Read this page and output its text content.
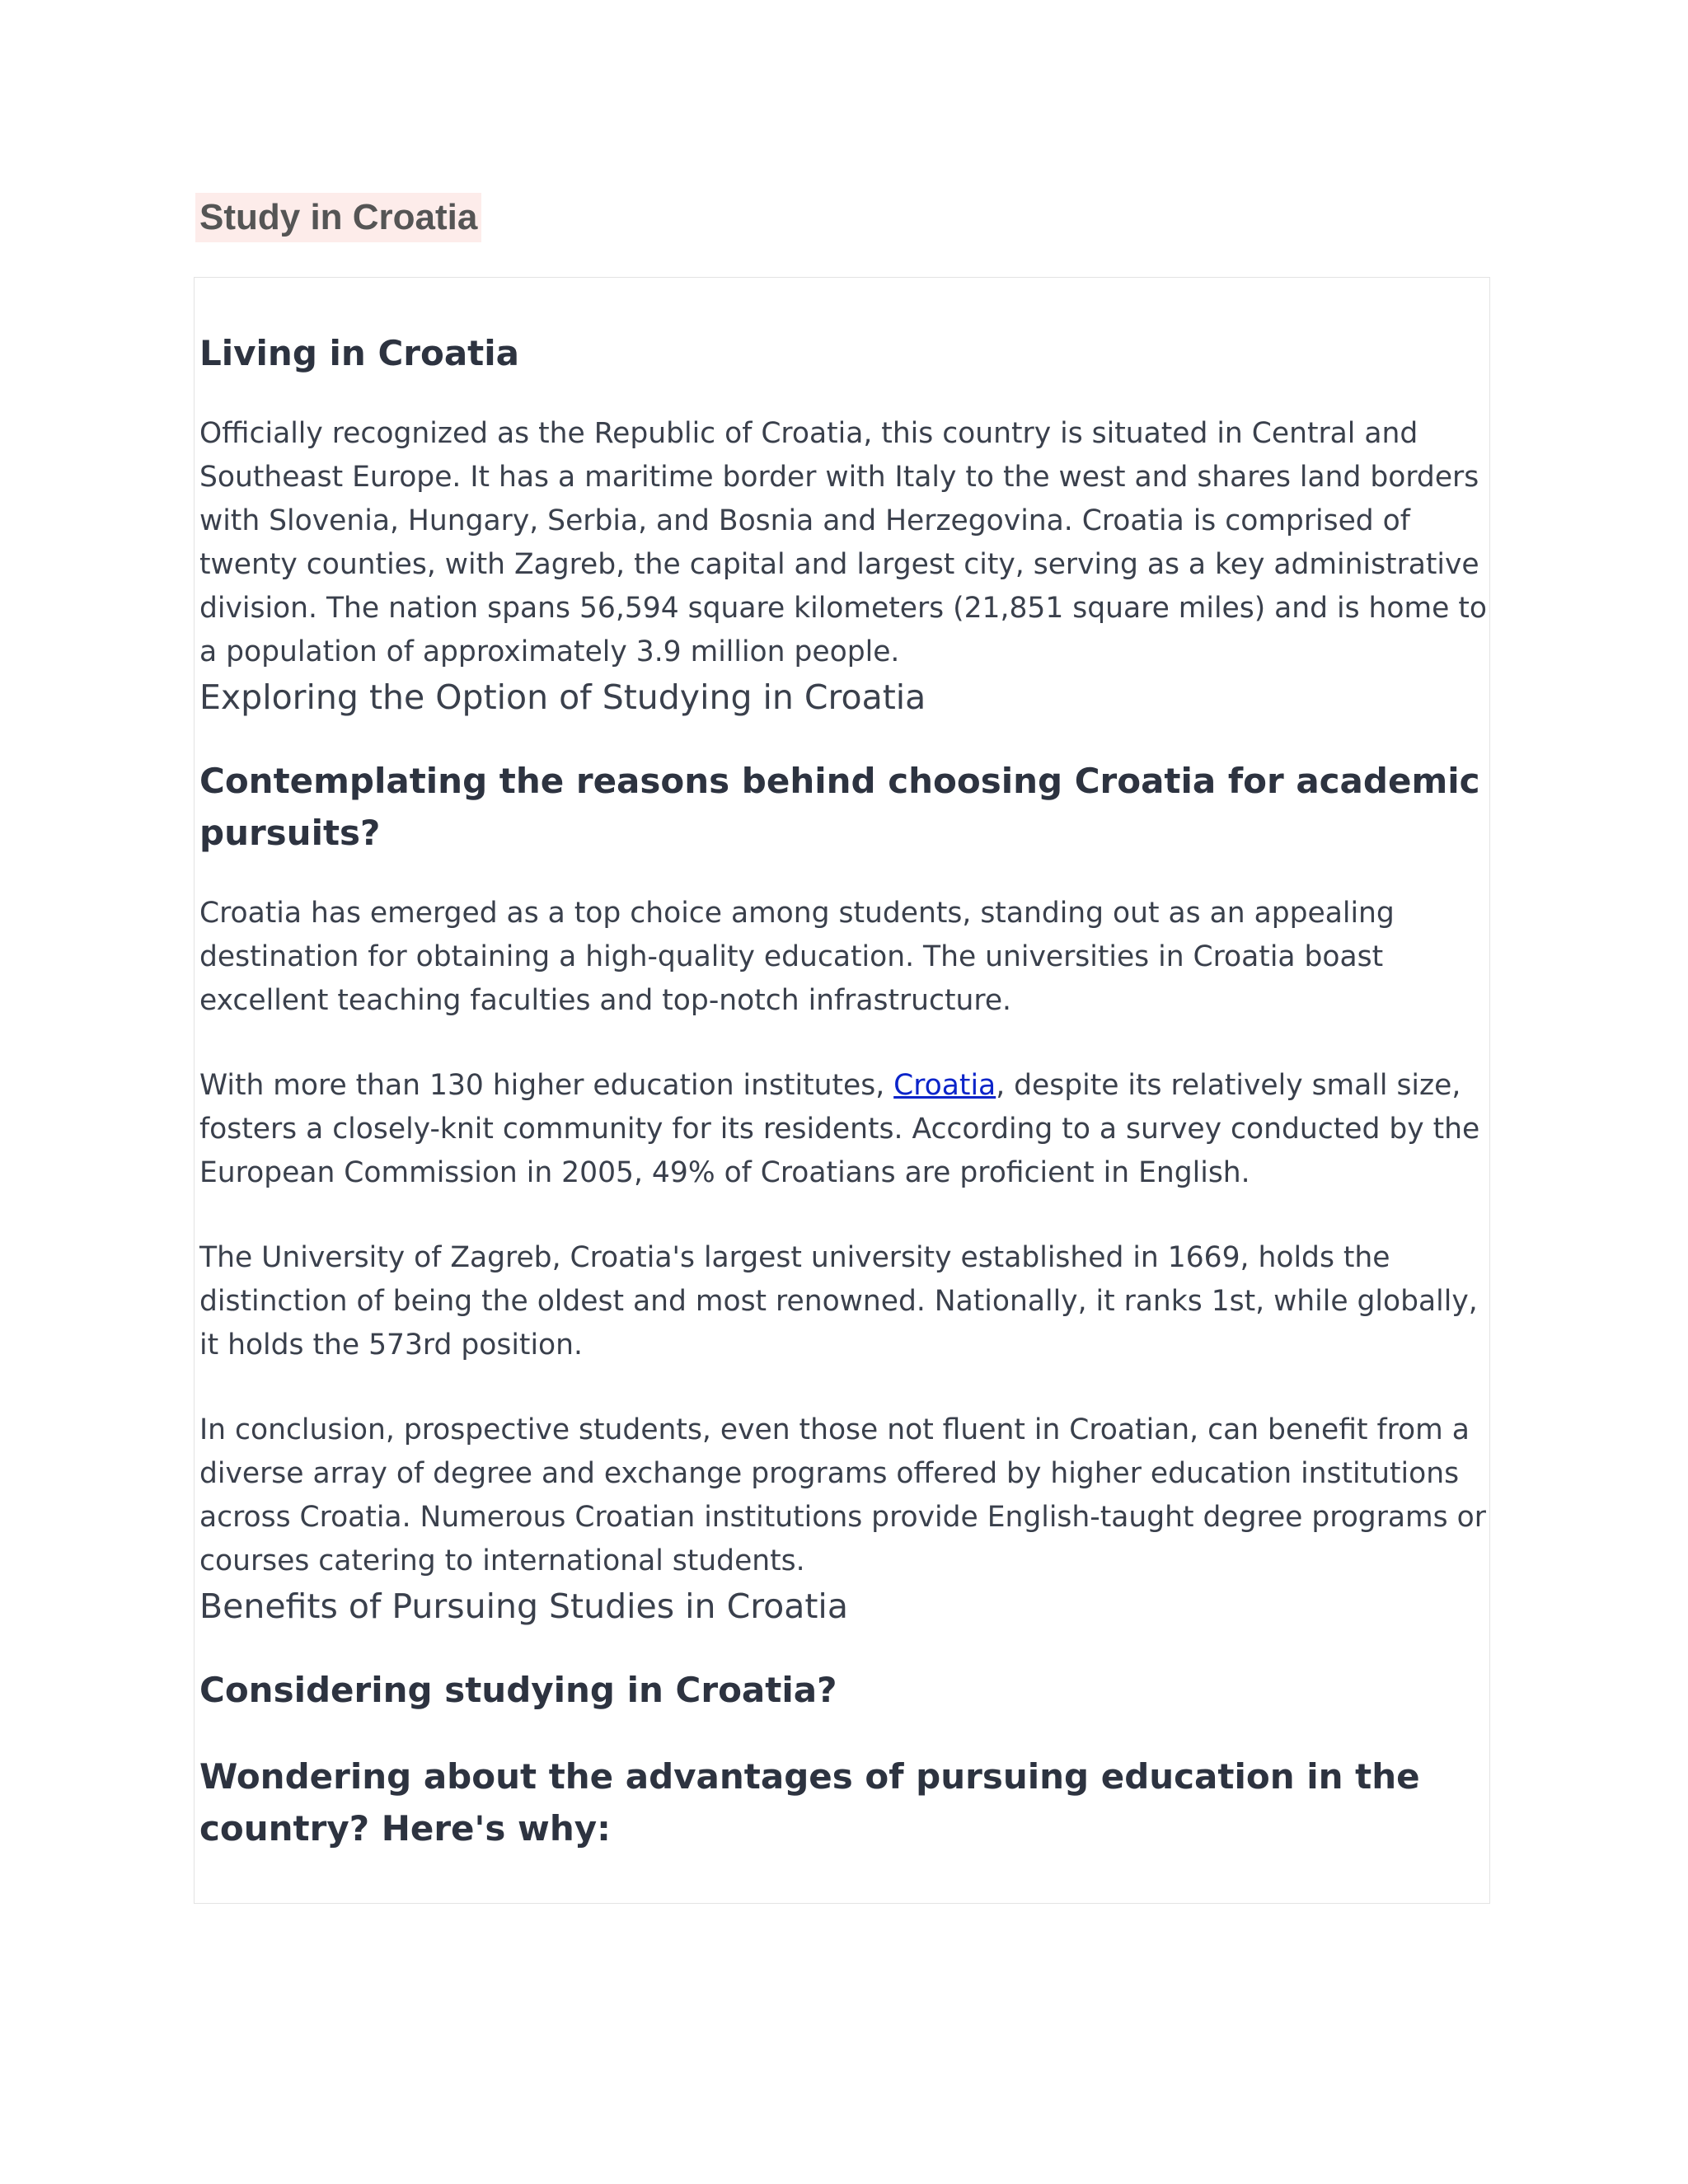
Study in Croatia
Living in Croatia

Officially recognized as the Republic of Croatia, this country is situated in Central and Southeast Europe. It has a maritime border with Italy to the west and shares land borders with Slovenia, Hungary, Serbia, and Bosnia and Herzegovina. Croatia is comprised of twenty counties, with Zagreb, the capital and largest city, serving as a key administrative division. The nation spans 56,594 square kilometers (21,851 square miles) and is home to a population of approximately 3.9 million people.

Exploring the Option of Studying in Croatia
Contemplating the reasons behind choosing Croatia for academic pursuits?

Croatia has emerged as a top choice among students, standing out as an appealing destination for obtaining a high-quality education. The universities in Croatia boast excellent teaching faculties and top-notch infrastructure.

With more than 130 higher education institutes, Croatia, despite its relatively small size, fosters a closely-knit community for its residents. According to a survey conducted by the European Commission in 2005, 49% of Croatians are proficient in English.

The University of Zagreb, Croatia's largest university established in 1669, holds the distinction of being the oldest and most renowned. Nationally, it ranks 1st, while globally, it holds the 573rd position.

In conclusion, prospective students, even those not fluent in Croatian, can benefit from a diverse array of degree and exchange programs offered by higher education institutions across Croatia. Numerous Croatian institutions provide English-taught degree programs or courses catering to international students.

Benefits of Pursuing Studies in Croatia
Considering studying in Croatia?
Wondering about the advantages of pursuing education in the country? Here's why:
